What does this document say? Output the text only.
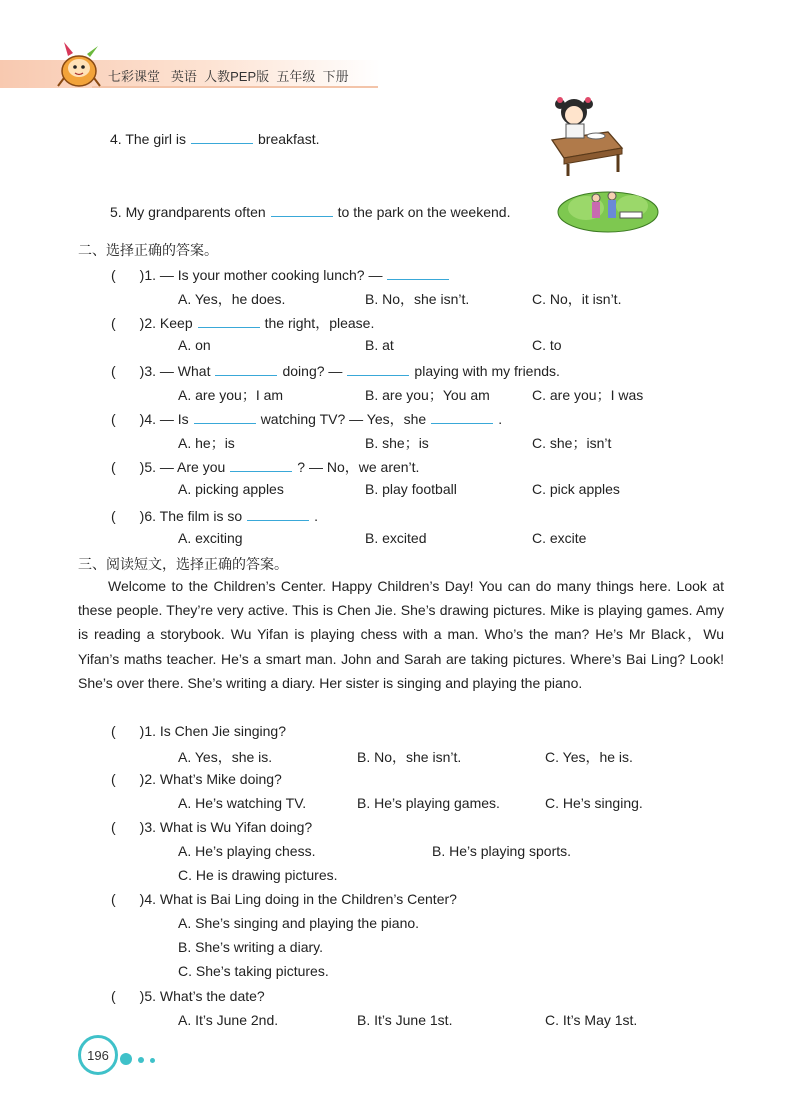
七彩课堂 英语 人教PEP版 五年级 下册
4. The girl is	breakfast.
5. My grandparents often	to the park on the weekend.
二、选择正确的答案。
( )1. — Is your mother cooking lunch? —
A. Yes，he does.	B. No，she isn’t.	C. No，it isn’t.
( )2. Keep	the right，please.
A. on	B. at	C. to
( )3. — What	doing? —	playing with my friends.
A. are you；I am	B. are you；You am	C. are you；I was
( )4. — Is	watching TV? — Yes，she	.
A. he；is	B. she；is	C. she；isn’t
( )5. — Are you	? — No，we aren’t.
A. picking apples	B. play football	C. pick apples
( )6. The film is so	.
A. exciting	B. excited	C. excite
三、阅读短文，选择正确的答案。
Welcome to the Children’s Center. Happy Children’s Day! You can do many things here. Look at these people. They’re very active. This is Chen Jie. She’s drawing pictures. Mike is playing games. Amy is reading a storybook. Wu Yifan is playing chess with a man. Who’s the man? He’s Mr Black，Wu Yifan’s maths teacher. He’s a smart man. John and Sarah are taking pictures. Where’s Bai Ling? Look! She’s over there. She’s writing a diary. Her sister is singing and playing the piano.
( )1. Is Chen Jie singing?
A. Yes，she is.	B. No，she isn’t.	C. Yes，he is.
( )2. What’s Mike doing?
A. He’s watching TV.	B. He’s playing games.	C. He’s singing.
( )3. What is Wu Yifan doing?
A. He’s playing chess.	B. He’s playing sports.
C. He is drawing pictures.
( )4. What is Bai Ling doing in the Children’s Center?
A. She’s singing and playing the piano.
B. She’s writing a diary.
C. She’s taking pictures.
( )5. What’s the date?
A. It’s June 2nd.	B. It’s June 1st.	C. It’s May 1st.
196
